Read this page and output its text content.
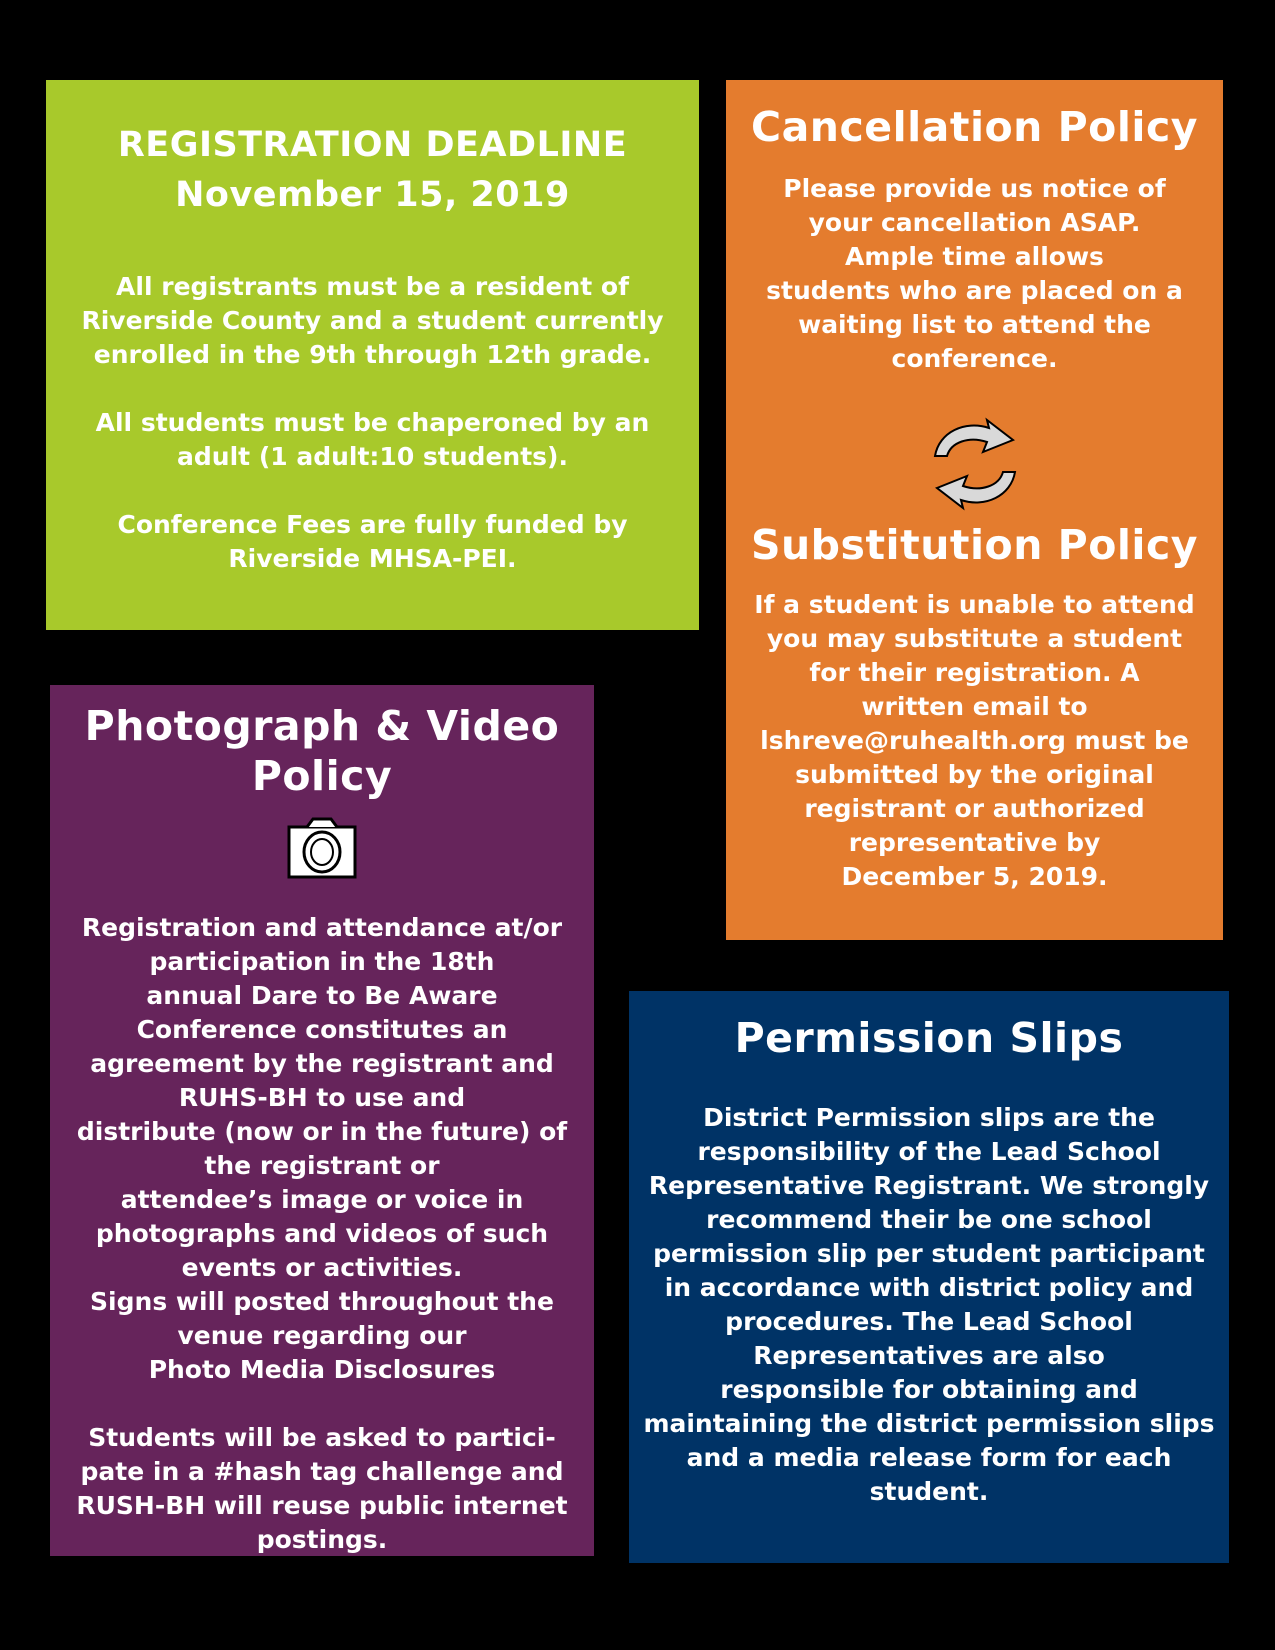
REGISTRATION DEADLINE
November 15, 2019

All registrants must be a resident of
Riverside County and a student currently
enrolled in the 9th through 12th grade.

All students must be chaperoned by an
adult (1 adult:10 students).

Conference Fees are fully funded by
Riverside MHSA-PEI.

Cancellation Policy
Please provide us notice of
your cancellation ASAP.
Ample time allows
students who are placed on a
waiting list to attend the
conference.
Substitution Policy
If a student is unable to attend
you may substitute a student
for their registration. A
written email to
lshreve@ruhealth.org must be
submitted by the original
registrant or authorized
representative by
December 5, 2019.
Photograph & Video
Policy

Registration and attendance at/or
participation in the 18th
annual Dare to Be Aware
Conference constitutes an
agreement by the registrant and
RUHS-BH to use and
distribute (now or in the future) of
the registrant or
attendee’s image or voice in
photographs and videos of such
events or activities.
Signs will posted throughout the
venue regarding our
Photo Media Disclosures

Students will be asked to partici-
pate in a #hash tag challenge and
RUSH-BH will reuse public internet
postings.

Permission Slips
District Permission slips are the
responsibility of the Lead School
Representative Registrant. We strongly
recommend their be one school
permission slip per student participant
in accordance with district policy and
procedures. The Lead School
Representatives are also
responsible for obtaining and
maintaining the district permission slips
and a media release form for each
student.
